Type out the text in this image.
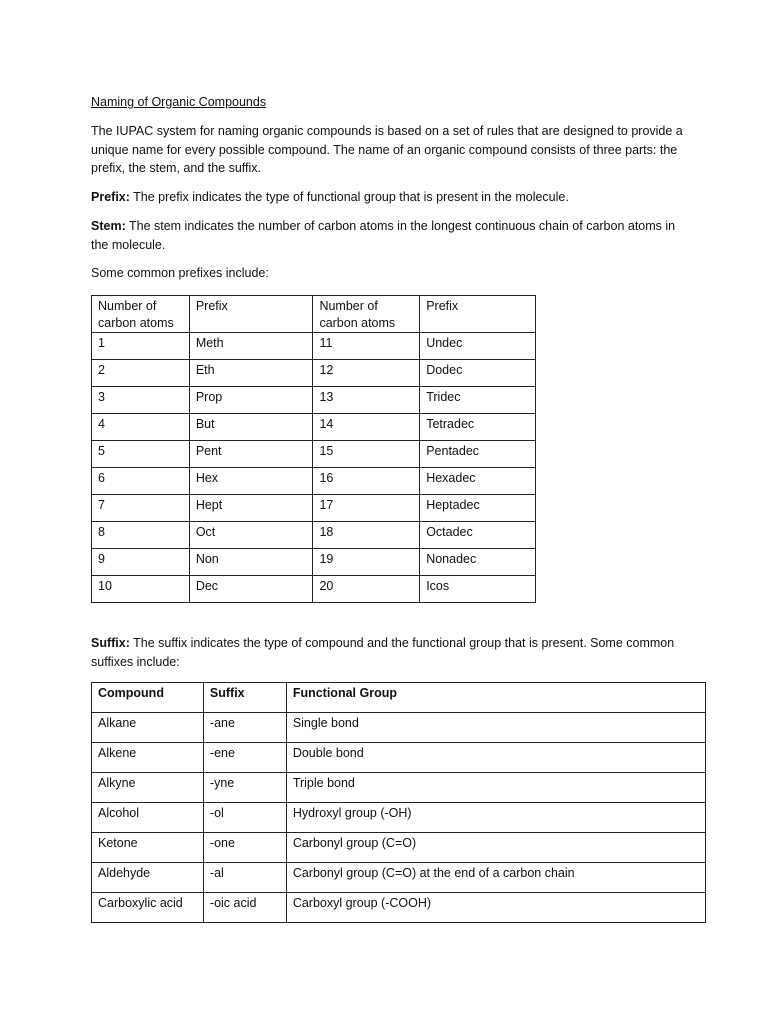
Naming of Organic Compounds
The IUPAC system for naming organic compounds is based on a set of rules that are designed to provide a unique name for every possible compound. The name of an organic compound consists of three parts: the prefix, the stem, and the suffix.
Prefix: The prefix indicates the type of functional group that is present in the molecule.
Stem: The stem indicates the number of carbon atoms in the longest continuous chain of carbon atoms in the molecule.
Some common prefixes include:
Number of carbon atoms	Prefix	Number of carbon atoms	Prefix
1	Meth	11	Undec
2	Eth	12	Dodec
3	Prop	13	Tridec
4	But	14	Tetradec
5	Pent	15	Pentadec
6	Hex	16	Hexadec
7	Hept	17	Heptadec
8	Oct	18	Octadec
9	Non	19	Nonadec
10	Dec	20	Icos
Suffix: The suffix indicates the type of compound and the functional group that is present. Some common suffixes include:
Compound	Suffix	Functional Group
Alkane	-ane	Single bond
Alkene	-ene	Double bond
Alkyne	-yne	Triple bond
Alcohol	-ol	Hydroxyl group (-OH)
Ketone	-one	Carbonyl group (C=O)
Aldehyde	-al	Carbonyl group (C=O) at the end of a carbon chain
Carboxylic acid	-oic acid	Carboxyl group (-COOH)
